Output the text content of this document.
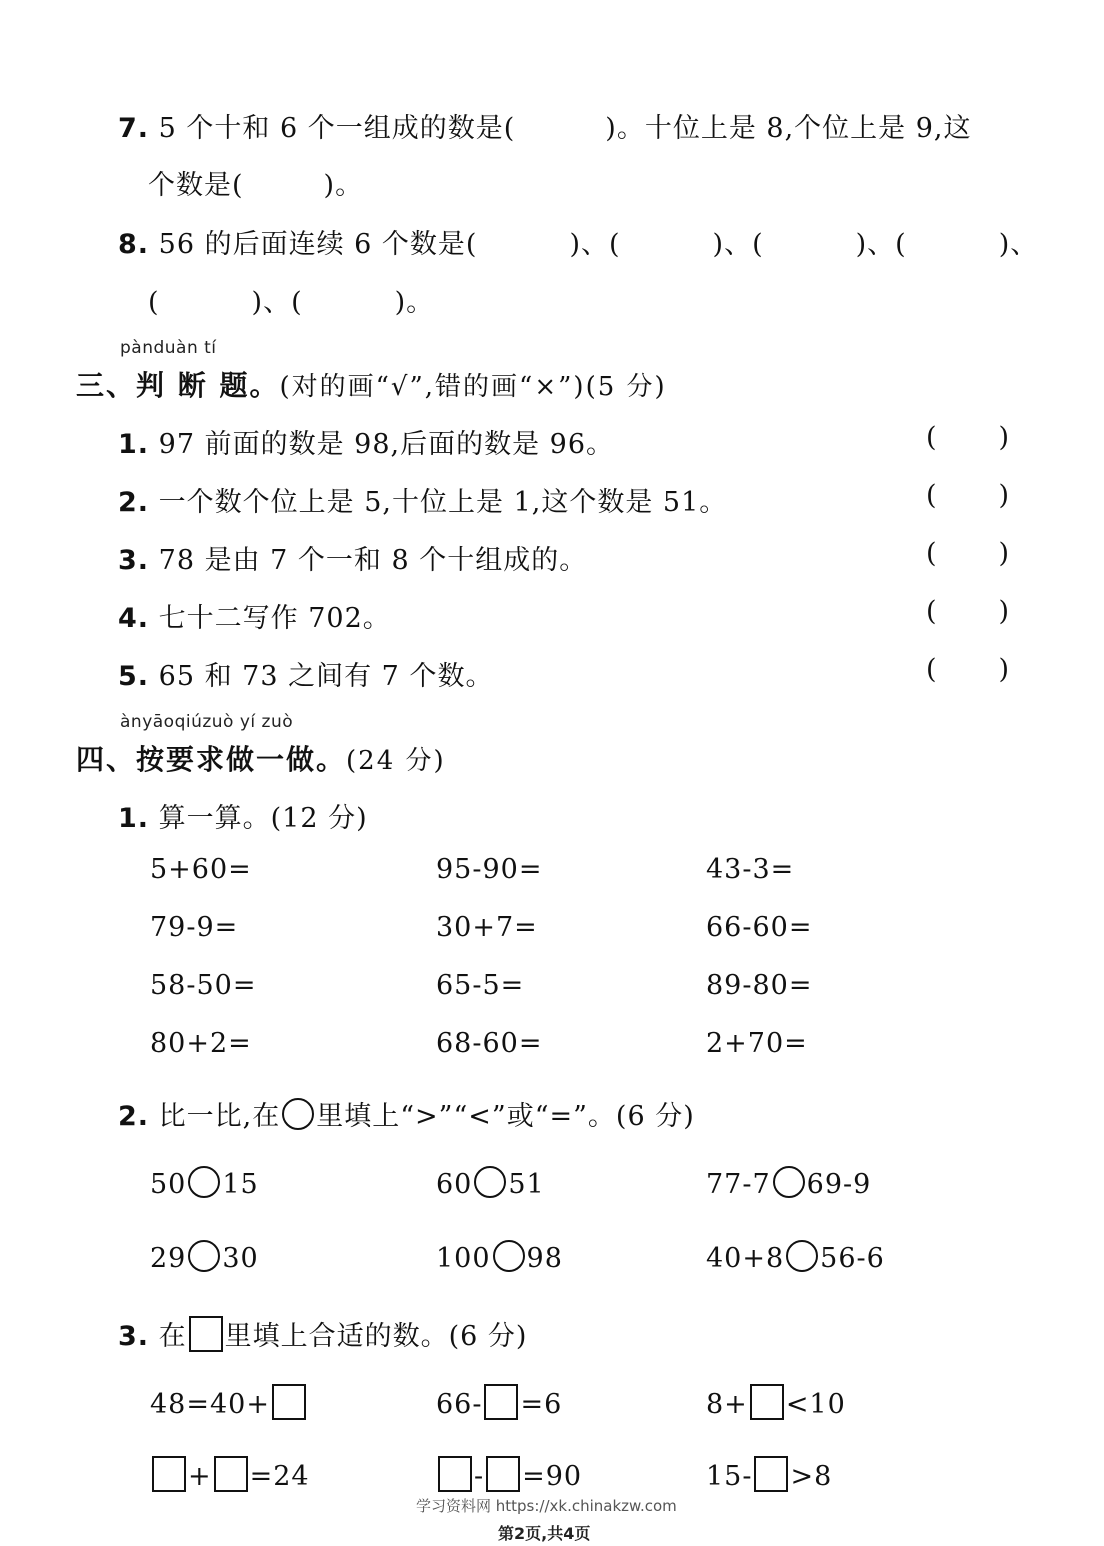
7. 5 个十和 6 个一组成的数是(	)。十位上是 8,个位上是 9,这
个数是(	)。
8. 56 的后面连续 6 个数是(	)、(	)、(	)、(	)、
(	)、(	)。
pànduàn tí
三、判 断 题。(对的画“√”,错的画“×”)(5 分)
1. 97 前面的数是 98,后面的数是 96。	( )
2. 一个数个位上是 5,十位上是 1,这个数是 51。	( )
3. 78 是由 7 个一和 8 个十组成的。	( )
4. 七十二写作 702。	( )
5. 65 和 73 之间有 7 个数。	( )
ànyāoqiúzuò yí zuò
四、按要求做一做。(24 分)
1. 算一算。(12 分)
5+60=	95-90=	43-3=
79-9=	30+7=	66-60=
58-50=	65-5=	89-80=
80+2=	68-60=	2+70=
2. 比一比,在 里填上“>”“<”或“=”。(6 分)
50 15	60 51	77-7 69-9
29 30	100 98	40+8 56-6
3. 在 里填上合适的数。(6 分)
48=40+	66- =6	8+ <10
+ =24	- =90	15- >8
学习资料网 https://xk.chinakzw.com
第2页,共4页
